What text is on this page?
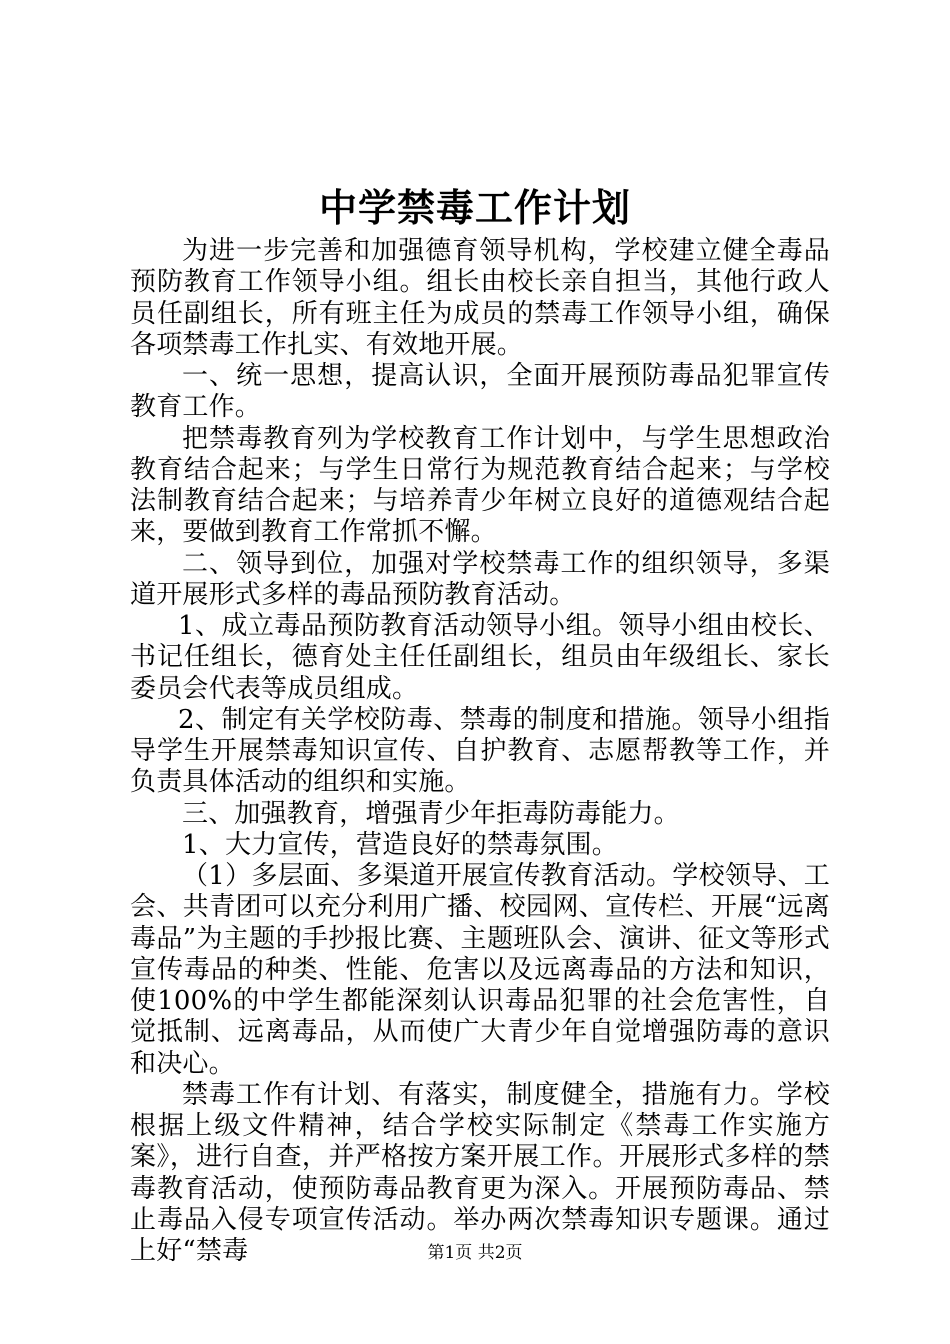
中学禁毒工作计划

为进一步完善和加强德育领导机构，学校建立健全毒品预防教育工作领导小组。组长由校长亲自担当，其他行政人员任副组长，所有班主任为成员的禁毒工作领导小组，确保各项禁毒工作扎实、有效地开展。

一、统一思想，提高认识，全面开展预防毒品犯罪宣传教育工作。

把禁毒教育列为学校教育工作计划中，与学生思想政治教育结合起来；与学生日常行为规范教育结合起来；与学校法制教育结合起来；与培养青少年树立良好的道德观结合起来，要做到教育工作常抓不懈。

二、领导到位，加强对学校禁毒工作的组织领导，多渠道开展形式多样的毒品预防教育活动。

1、成立毒品预防教育活动领导小组。领导小组由校长、书记任组长，德育处主任任副组长，组员由年级组长、家长委员会代表等成员组成。

2、制定有关学校防毒、禁毒的制度和措施。领导小组指导学生开展禁毒知识宣传、自护教育、志愿帮教等工作，并负责具体活动的组织和实施。

三、加强教育，增强青少年拒毒防毒能力。

1、大力宣传，营造良好的禁毒氛围。

（1）多层面、多渠道开展宣传教育活动。学校领导、工会、共青团可以充分利用广播、校园网、宣传栏、开展“远离毒品”为主题的手抄报比赛、主题班队会、演讲、征文等形式宣传毒品的种类、性能、危害以及远离毒品的方法和知识，使100%的中学生都能深刻认识毒品犯罪的社会危害性，自觉抵制、远离毒品，从而使广大青少年自觉增强防毒的意识和决心。

禁毒工作有计划、有落实，制度健全，措施有力。学校根据上级文件精神，结合学校实际制定《禁毒工作实施方案》，进行自查，并严格按方案开展工作。开展形式多样的禁毒教育活动，使预防毒品教育更为深入。开展预防毒品、禁止毒品入侵专项宣传活动。举办两次禁毒知识专题课。通过上好“禁毒	第1页 共2页
